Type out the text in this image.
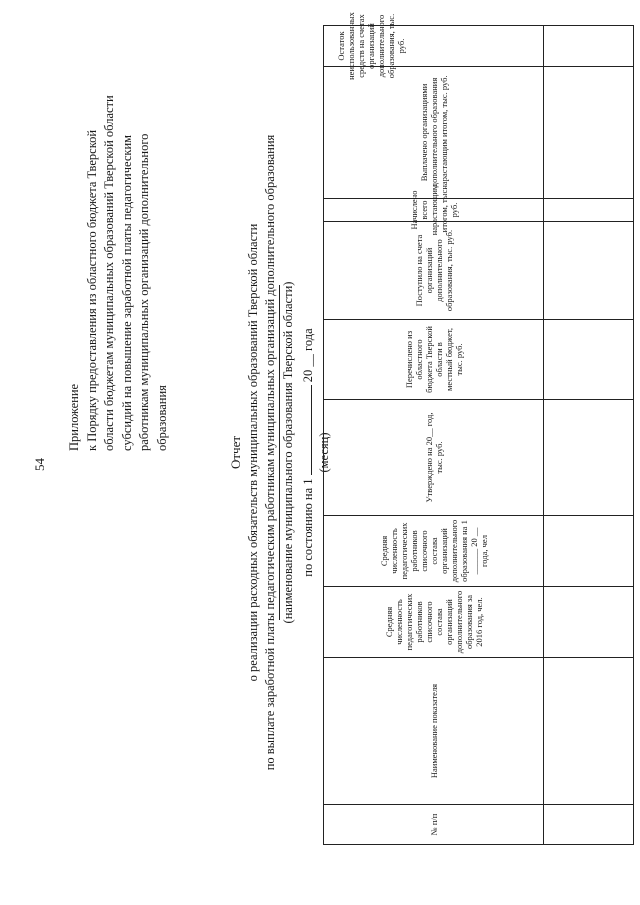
54
Приложение к Порядку предоставления из областного бюджета Тверской области бюджетам муниципальных образований Тверской области субсидий на повышение заработной платы педагогическим работникам муниципальных организаций дополнительного образования
Отчет о реализации расходных обязательств муниципальных образований Тверской области по выплате заработной платы педагогическим работникам муниципальных организаций дополнительного образования (наименование муниципального образования Тверской области) по состоянию на 1  20 __ года
(месяц)
№ п/п
Наименование показателя
Средняя численность педагогических работников списочного состава организаций дополнительного образования за 2016 год, чел.
Средняя численность педагогических работников списочного состава организаций дополнительного образования на 1 ______ 20 __ года, чел
Утверждено на 20__ год, тыс. руб.
Перечислено из областного бюджета Тверской области в местный бюджет, тыс. руб.
Поступило на счета организаций дополнительного образования, тыс. руб.
Начислено всего нарастающим итогом, тыс. руб.
Выплачено организациями дополнительного образования нарастающим итогом, тыс. руб.
Остаток неиспользованных средств на счетах организаций дополнительного образования, тыс. руб.
